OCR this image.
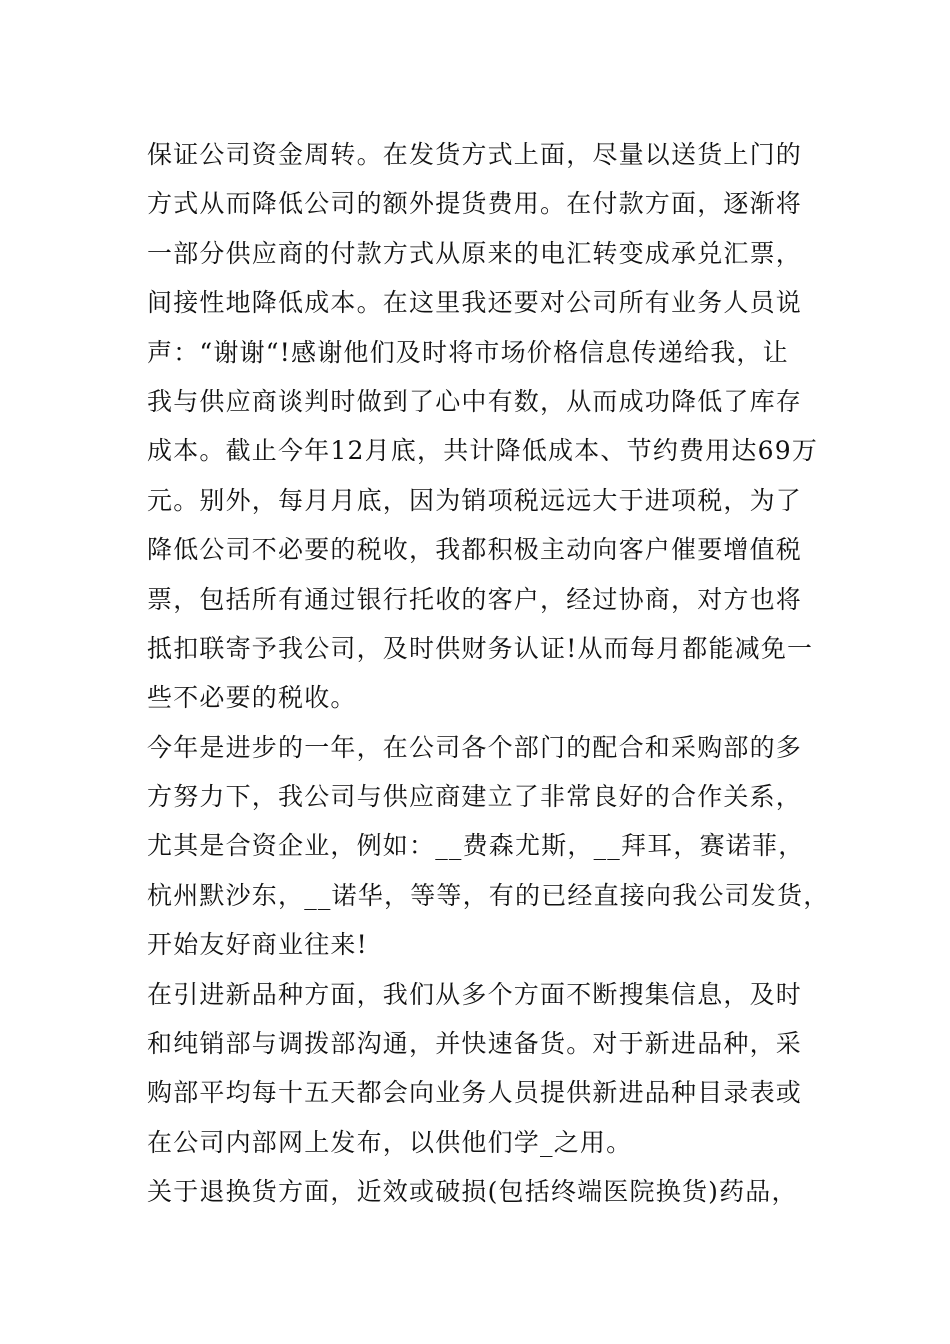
保证公司资金周转。在发货方式上面，尽量以送货上门的
方式从而降低公司的额外提货费用。在付款方面，逐渐将
一部分供应商的付款方式从原来的电汇转变成承兑汇票，
间接性地降低成本。在这里我还要对公司所有业务人员说
声：“谢谢“!感谢他们及时将市场价格信息传递给我，让
我与供应商谈判时做到了心中有数，从而成功降低了库存
成本。截止今年12月底，共计降低成本、节约费用达69万
元。别外，每月月底，因为销项税远远大于进项税，为了
降低公司不必要的税收，我都积极主动向客户催要增值税
票，包括所有通过银行托收的客户，经过协商，对方也将
抵扣联寄予我公司，及时供财务认证!从而每月都能减免一
些不必要的税收。
今年是进步的一年，在公司各个部门的配合和采购部的多
方努力下，我公司与供应商建立了非常良好的合作关系，
尤其是合资企业，例如：__费森尤斯，__拜耳，赛诺菲，
杭州默沙东，__诺华，等等，有的已经直接向我公司发货，
开始友好商业往来!
在引进新品种方面，我们从多个方面不断搜集信息，及时
和纯销部与调拨部沟通，并快速备货。对于新进品种，采
购部平均每十五天都会向业务人员提供新进品种目录表或
在公司内部网上发布，以供他们学_之用。
关于退换货方面，近效或破损(包括终端医院换货)药品，
